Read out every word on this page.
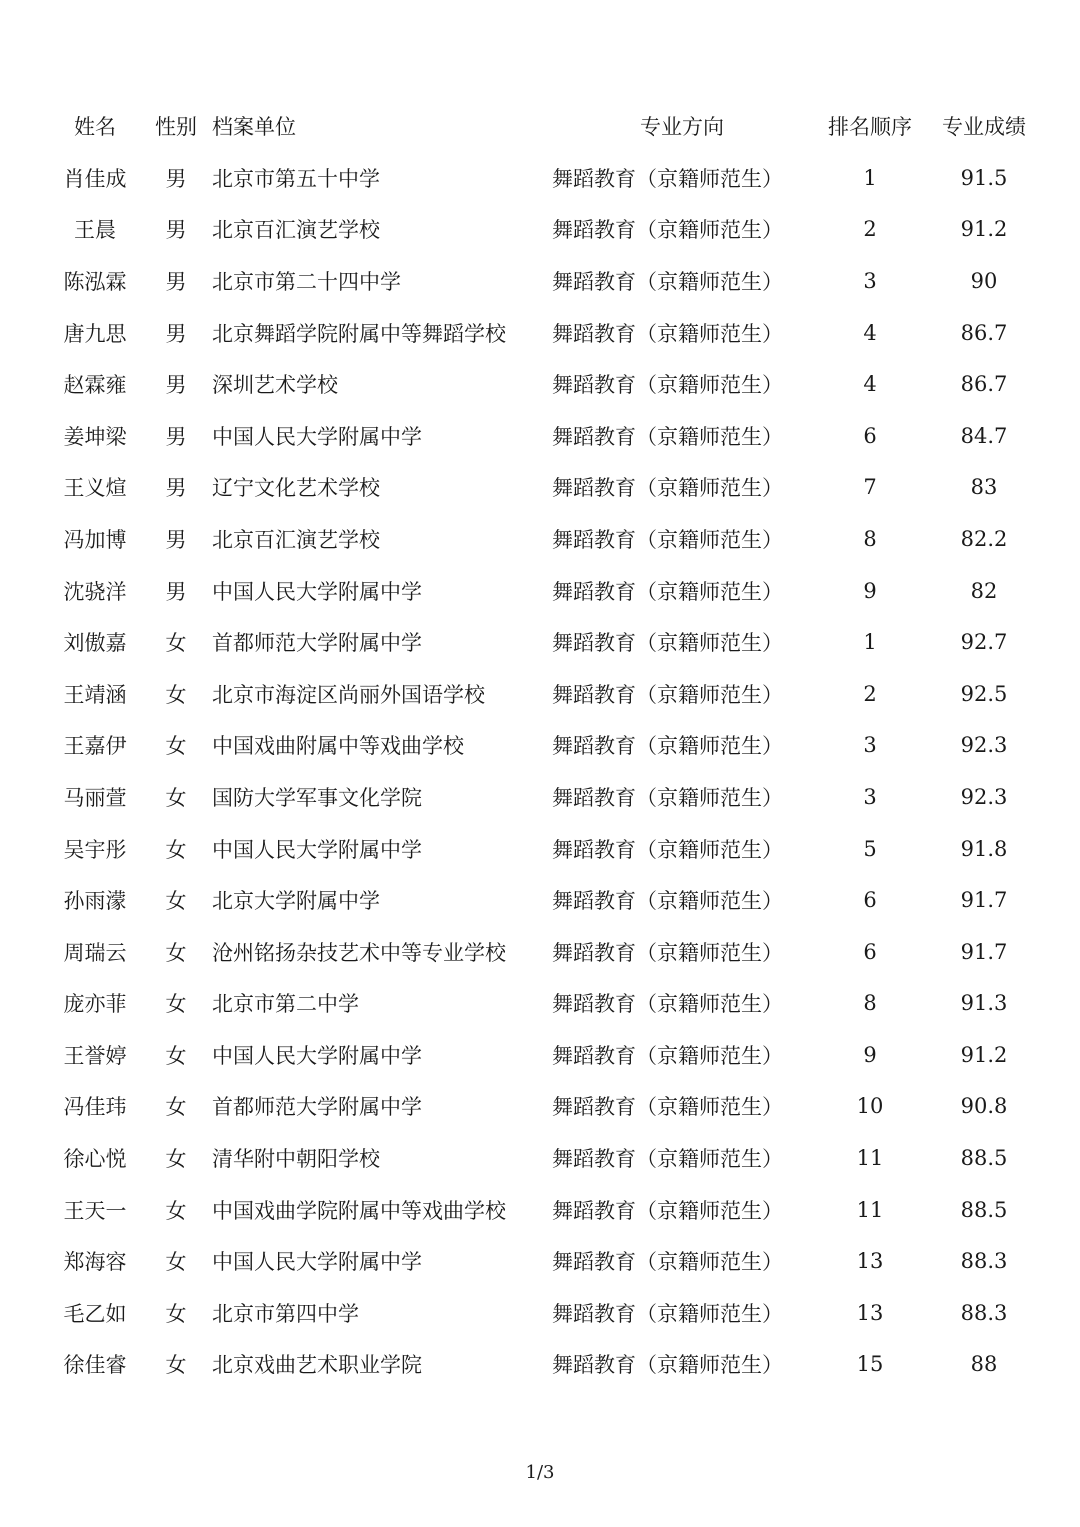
姓名	性别	档案单位	专业方向	排名顺序	专业成绩
肖佳成	男	北京市第五十中学	舞蹈教育（京籍师范生）	1	91.5
王晨	男	北京百汇演艺学校	舞蹈教育（京籍师范生）	2	91.2
陈泓霖	男	北京市第二十四中学	舞蹈教育（京籍师范生）	3	90
唐九思	男	北京舞蹈学院附属中等舞蹈学校	舞蹈教育（京籍师范生）	4	86.7
赵霖雍	男	深圳艺术学校	舞蹈教育（京籍师范生）	4	86.7
姜坤梁	男	中国人民大学附属中学	舞蹈教育（京籍师范生）	6	84.7
王义煊	男	辽宁文化艺术学校	舞蹈教育（京籍师范生）	7	83
冯加博	男	北京百汇演艺学校	舞蹈教育（京籍师范生）	8	82.2
沈骁洋	男	中国人民大学附属中学	舞蹈教育（京籍师范生）	9	82
刘傲嘉	女	首都师范大学附属中学	舞蹈教育（京籍师范生）	1	92.7
王靖涵	女	北京市海淀区尚丽外国语学校	舞蹈教育（京籍师范生）	2	92.5
王嘉伊	女	中国戏曲附属中等戏曲学校	舞蹈教育（京籍师范生）	3	92.3
马丽萱	女	国防大学军事文化学院	舞蹈教育（京籍师范生）	3	92.3
吴宇彤	女	中国人民大学附属中学	舞蹈教育（京籍师范生）	5	91.8
孙雨濛	女	北京大学附属中学	舞蹈教育（京籍师范生）	6	91.7
周瑞云	女	沧州铭扬杂技艺术中等专业学校	舞蹈教育（京籍师范生）	6	91.7
庞亦菲	女	北京市第二中学	舞蹈教育（京籍师范生）	8	91.3
王誉婷	女	中国人民大学附属中学	舞蹈教育（京籍师范生）	9	91.2
冯佳玮	女	首都师范大学附属中学	舞蹈教育（京籍师范生）	10	90.8
徐心悦	女	清华附中朝阳学校	舞蹈教育（京籍师范生）	11	88.5
王天一	女	中国戏曲学院附属中等戏曲学校	舞蹈教育（京籍师范生）	11	88.5
郑海容	女	中国人民大学附属中学	舞蹈教育（京籍师范生）	13	88.3
毛乙如	女	北京市第四中学	舞蹈教育（京籍师范生）	13	88.3
徐佳睿	女	北京戏曲艺术职业学院	舞蹈教育（京籍师范生）	15	88
1/3
